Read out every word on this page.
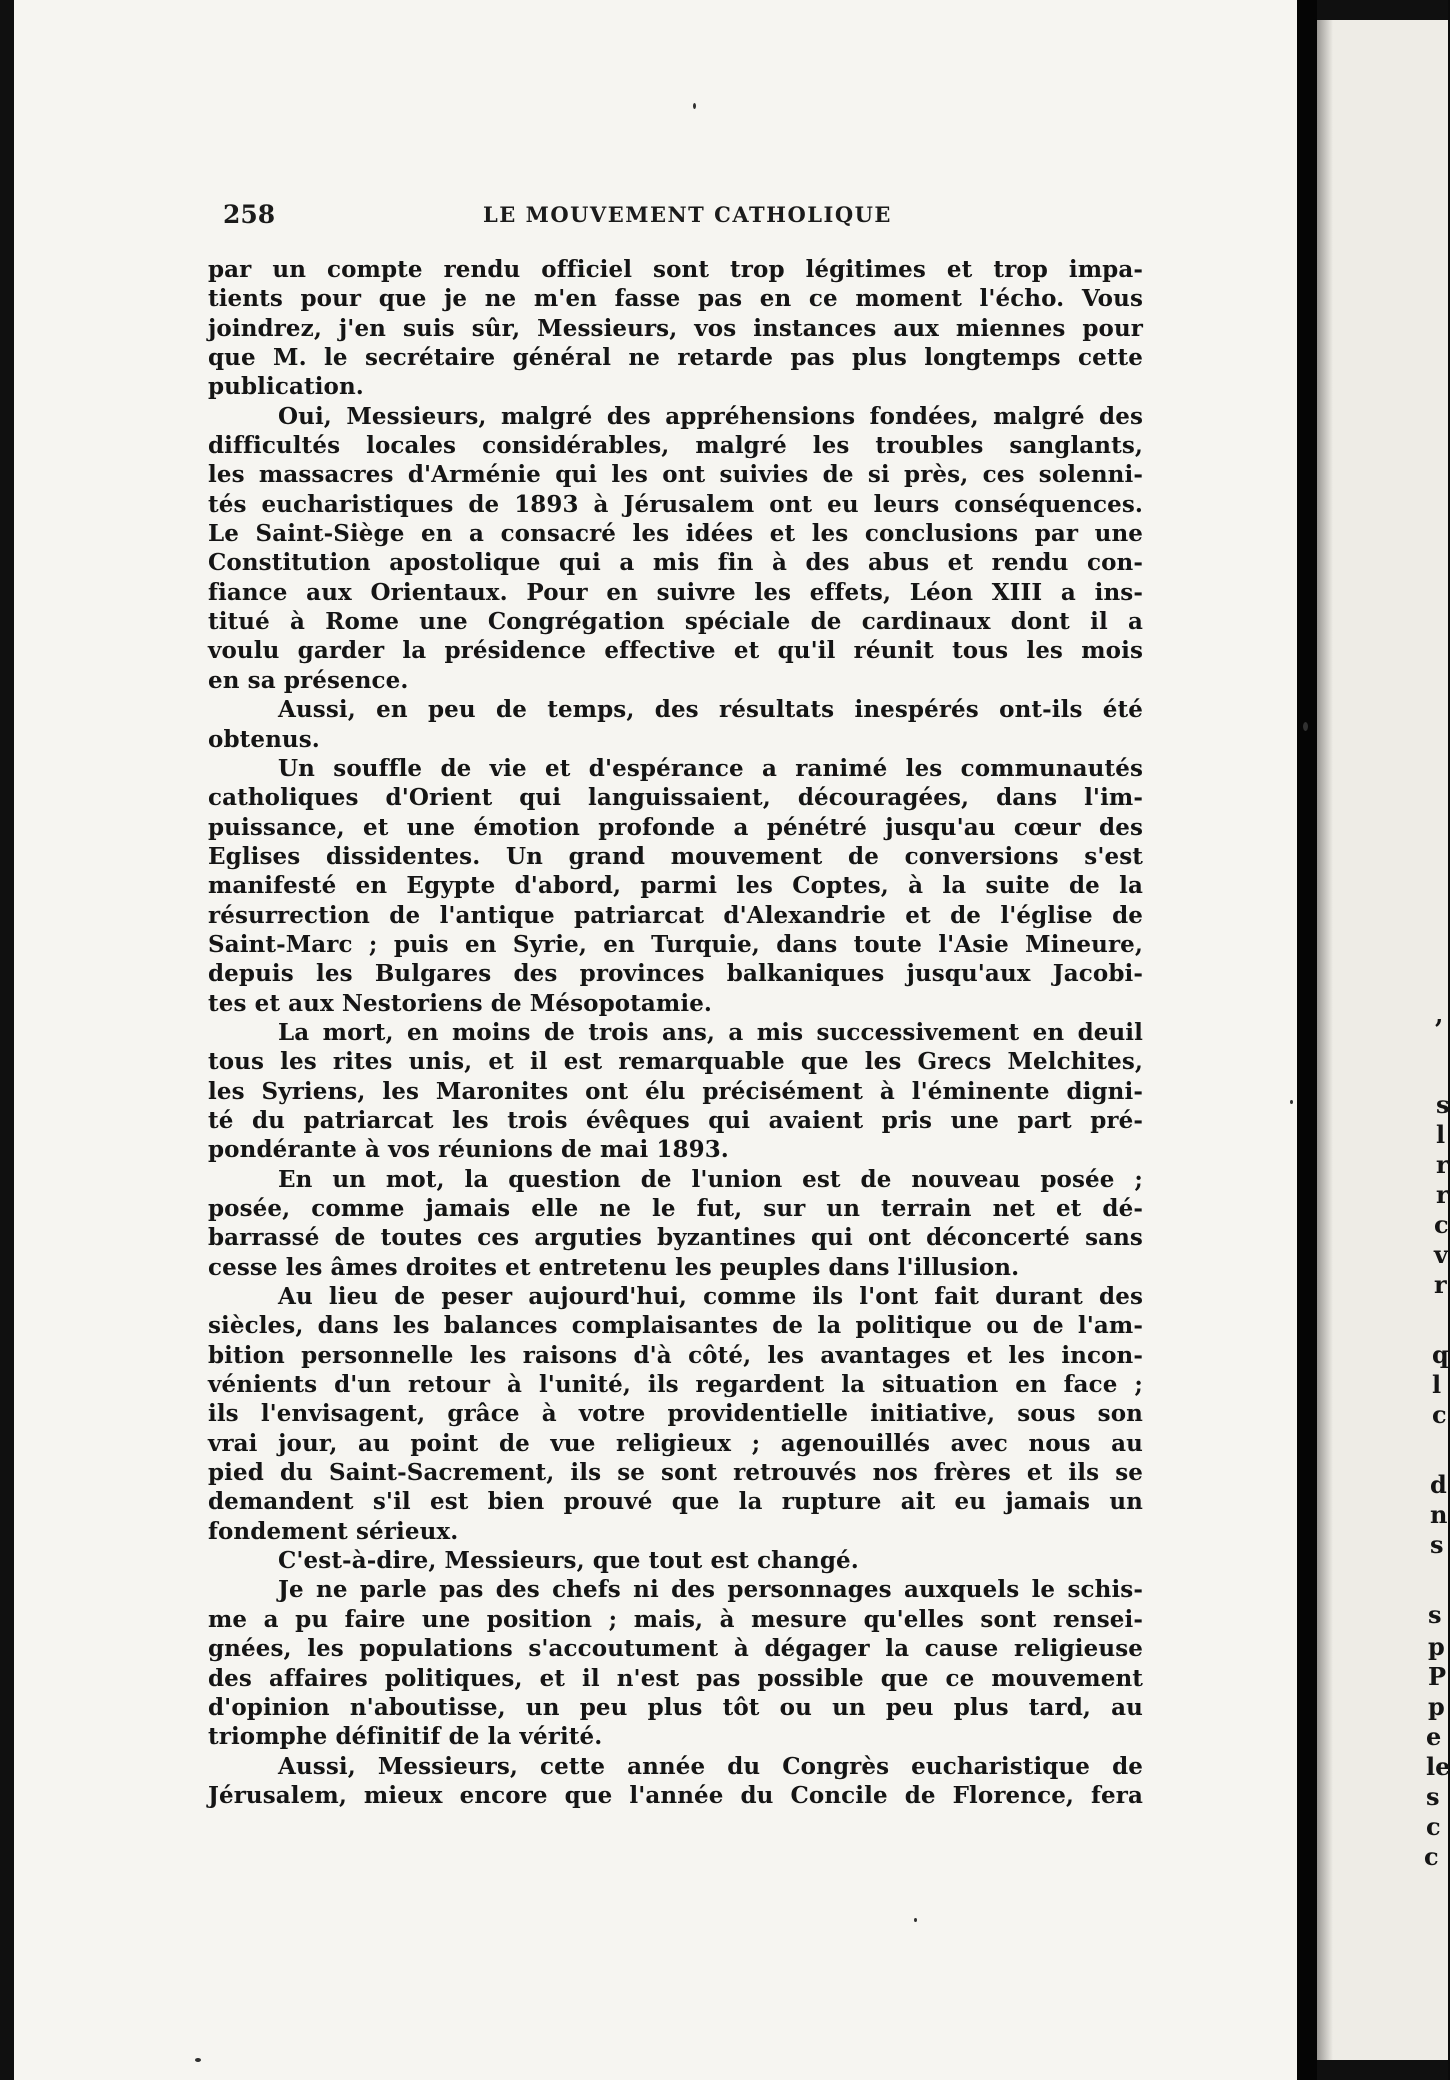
258	LE MOUVEMENT CATHOLIQUE
par un compte rendu officiel sont trop légitimes et trop impa-
tients pour que je ne m'en fasse pas en ce moment l'écho. Vous
joindrez, j'en suis sûr, Messieurs, vos instances aux miennes pour
que M. le secrétaire général ne retarde pas plus longtemps cette
publication.
Oui, Messieurs, malgré des appréhensions fondées, malgré des
difficultés locales considérables, malgré les troubles sanglants,
les massacres d'Arménie qui les ont suivies de si près, ces solenni-
tés eucharistiques de 1893 à Jérusalem ont eu leurs conséquences.
Le Saint-Siège en a consacré les idées et les conclusions par une
Constitution apostolique qui a mis fin à des abus et rendu con-
fiance aux Orientaux. Pour en suivre les effets, Léon XIII a ins-
titué à Rome une Congrégation spéciale de cardinaux dont il a
voulu garder la présidence effective et qu'il réunit tous les mois
en sa présence.
Aussi, en peu de temps, des résultats inespérés ont-ils été
obtenus.
Un souffle de vie et d'espérance a ranimé les communautés
catholiques d'Orient qui languissaient, découragées, dans l'im-
puissance, et une émotion profonde a pénétré jusqu'au cœur des
Eglises dissidentes. Un grand mouvement de conversions s'est
manifesté en Egypte d'abord, parmi les Coptes, à la suite de la
résurrection de l'antique patriarcat d'Alexandrie et de l'église de
Saint-Marc ; puis en Syrie, en Turquie, dans toute l'Asie Mineure,
depuis les Bulgares des provinces balkaniques jusqu'aux Jacobi-
tes et aux Nestoriens de Mésopotamie.
La mort, en moins de trois ans, a mis successivement en deuil
tous les rites unis, et il est remarquable que les Grecs Melchites,
les Syriens, les Maronites ont élu précisément à l'éminente digni-
té du patriarcat les trois évêques qui avaient pris une part pré-
pondérante à vos réunions de mai 1893.
En un mot, la question de l'union est de nouveau posée ;
posée, comme jamais elle ne le fut, sur un terrain net et dé-
barrassé de toutes ces arguties byzantines qui ont déconcerté sans
cesse les âmes droites et entretenu les peuples dans l'illusion.
Au lieu de peser aujourd'hui, comme ils l'ont fait durant des
siècles, dans les balances complaisantes de la politique ou de l'am-
bition personnelle les raisons d'à côté, les avantages et les incon-
vénients d'un retour à l'unité, ils regardent la situation en face ;
ils l'envisagent, grâce à votre providentielle initiative, sous son
vrai jour, au point de vue religieux ; agenouillés avec nous au
pied du Saint-Sacrement, ils se sont retrouvés nos frères et ils se
demandent s'il est bien prouvé que la rupture ait eu jamais un
fondement sérieux.
C'est-à-dire, Messieurs, que tout est changé.
Je ne parle pas des chefs ni des personnages auxquels le schis-
me a pu faire une position ; mais, à mesure qu'elles sont rensei-
gnées, les populations s'accoutument à dégager la cause religieuse
des affaires politiques, et il n'est pas possible que ce mouvement
d'opinion n'aboutisse, un peu plus tôt ou un peu plus tard, au
triomphe définitif de la vérité.
Aussi, Messieurs, cette année du Congrès eucharistique de
Jérusalem, mieux encore que l'année du Concile de Florence, fera
,
s
l
r
r
c
v
r
q
l
c
d
n
s
s
p
P
p
e
le
s
c
c
